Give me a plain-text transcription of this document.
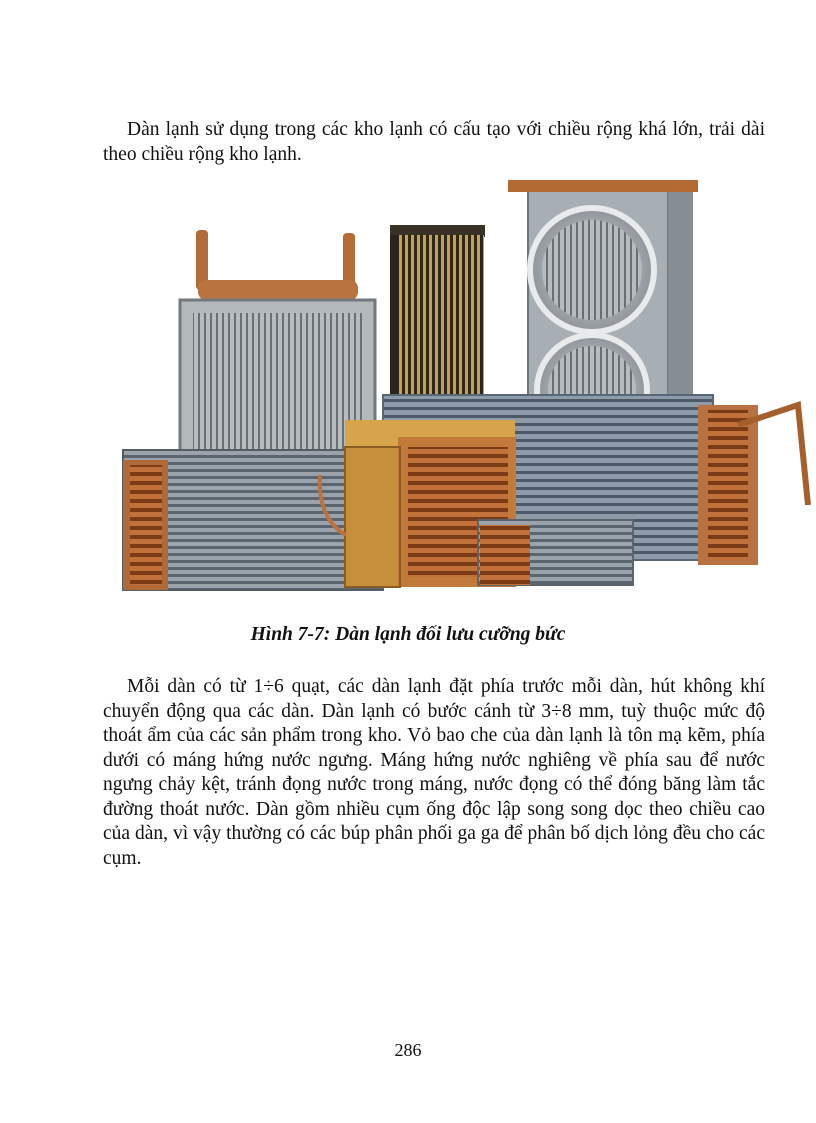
Dàn lạnh sử dụng trong các kho lạnh có cấu tạo với chiều rộng khá lớn, trải dài theo chiều rộng kho lạnh.

Hình 7-7: Dàn lạnh đối lưu cưỡng bức

Mỗi dàn có từ 1÷6 quạt, các dàn lạnh đặt phía trước mỗi dàn, hút không khí chuyển động qua các dàn. Dàn lạnh có bước cánh từ 3÷8 mm, tuỳ thuộc mức độ thoát ẩm của các sản phẩm trong kho. Vỏ bao che của dàn lạnh là tôn mạ kẽm, phía dưới có máng hứng nước ngưng. Máng hứng nước nghiêng về phía sau để nước ngưng chảy kệt, tránh đọng nước trong máng, nước đọng có thể đóng băng làm tắc đường thoát nước. Dàn gồm nhiều cụm ống độc lập song song dọc theo chiều cao của dàn, vì vậy thường có các búp phân phối ga ga để phân bố dịch lỏng đều cho các cụm.

286
